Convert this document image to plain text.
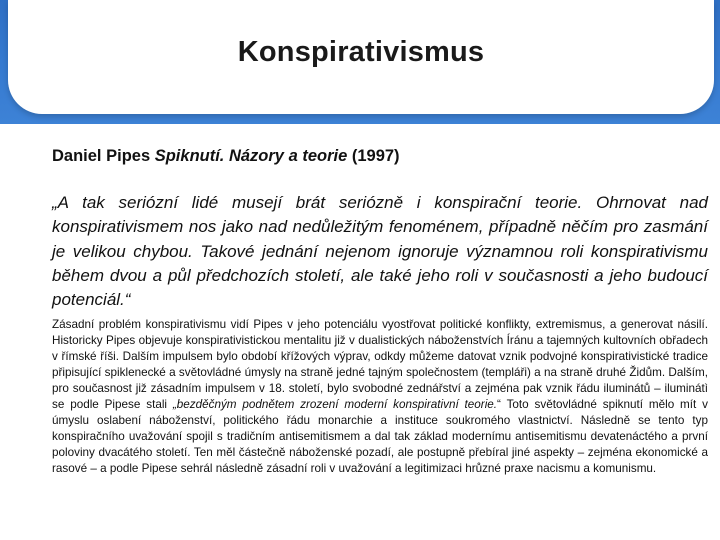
Konspirativismus

Daniel Pipes Spiknutí. Názory a teorie (1997)

„A tak seriózní lidé musejí brát seriózně i konspirační teorie. Ohrnovat nad konspirativismem nos jako nad nedůležitým fenoménem, případně něčím pro zasmání je velikou chybou. Takové jednání nejenom ignoruje významnou roli konspirativismu během dvou a půl předchozích století, ale také jeho roli v současnosti a jeho budoucí potenciál.“

Zásadní problém konspirativismu vidí Pipes v jeho potenciálu vyostřovat politické konflikty, extremismus, a generovat násilí. Historicky Pipes objevuje konspirativistickou mentalitu již v dualistických náboženstvích Íránu a tajemných kultovních obřadech v římské říši. Dalším impulsem bylo období křížových výprav, odkdy můžeme datovat vznik podvojné konspirativistické tradice připisující spiklenecké a světovládné úmysly na straně jedné tajným společnostem (templáři) a na straně druhé Židům. Dalším, pro současnost již zásadním impulsem v 18. století, bylo svobodné zednářství a zejména pak vznik řádu iluminátů – iluminátì se podle Pipese stali „bezděčným podnětem zrození moderní konspirativní teorie.“ Toto světovládné spiknutí mělo mít v úmyslu oslabení náboženství, politického řádu monarchie a instituce soukromého vlastnictví. Následně se tento typ konspiračního uvažování spojil s tradičním antisemitismem a dal tak základ modernímu antisemitismu devatenáctého a první poloviny dvacátého století. Ten měl částečně náboženské pozadí, ale postupně přebíral jiné aspekty – zejména ekonomické a rasové – a podle Pipese sehrál následně zásadní roli v uvažování a legitimizaci hrůzné praxe nacismu a komunismu.
